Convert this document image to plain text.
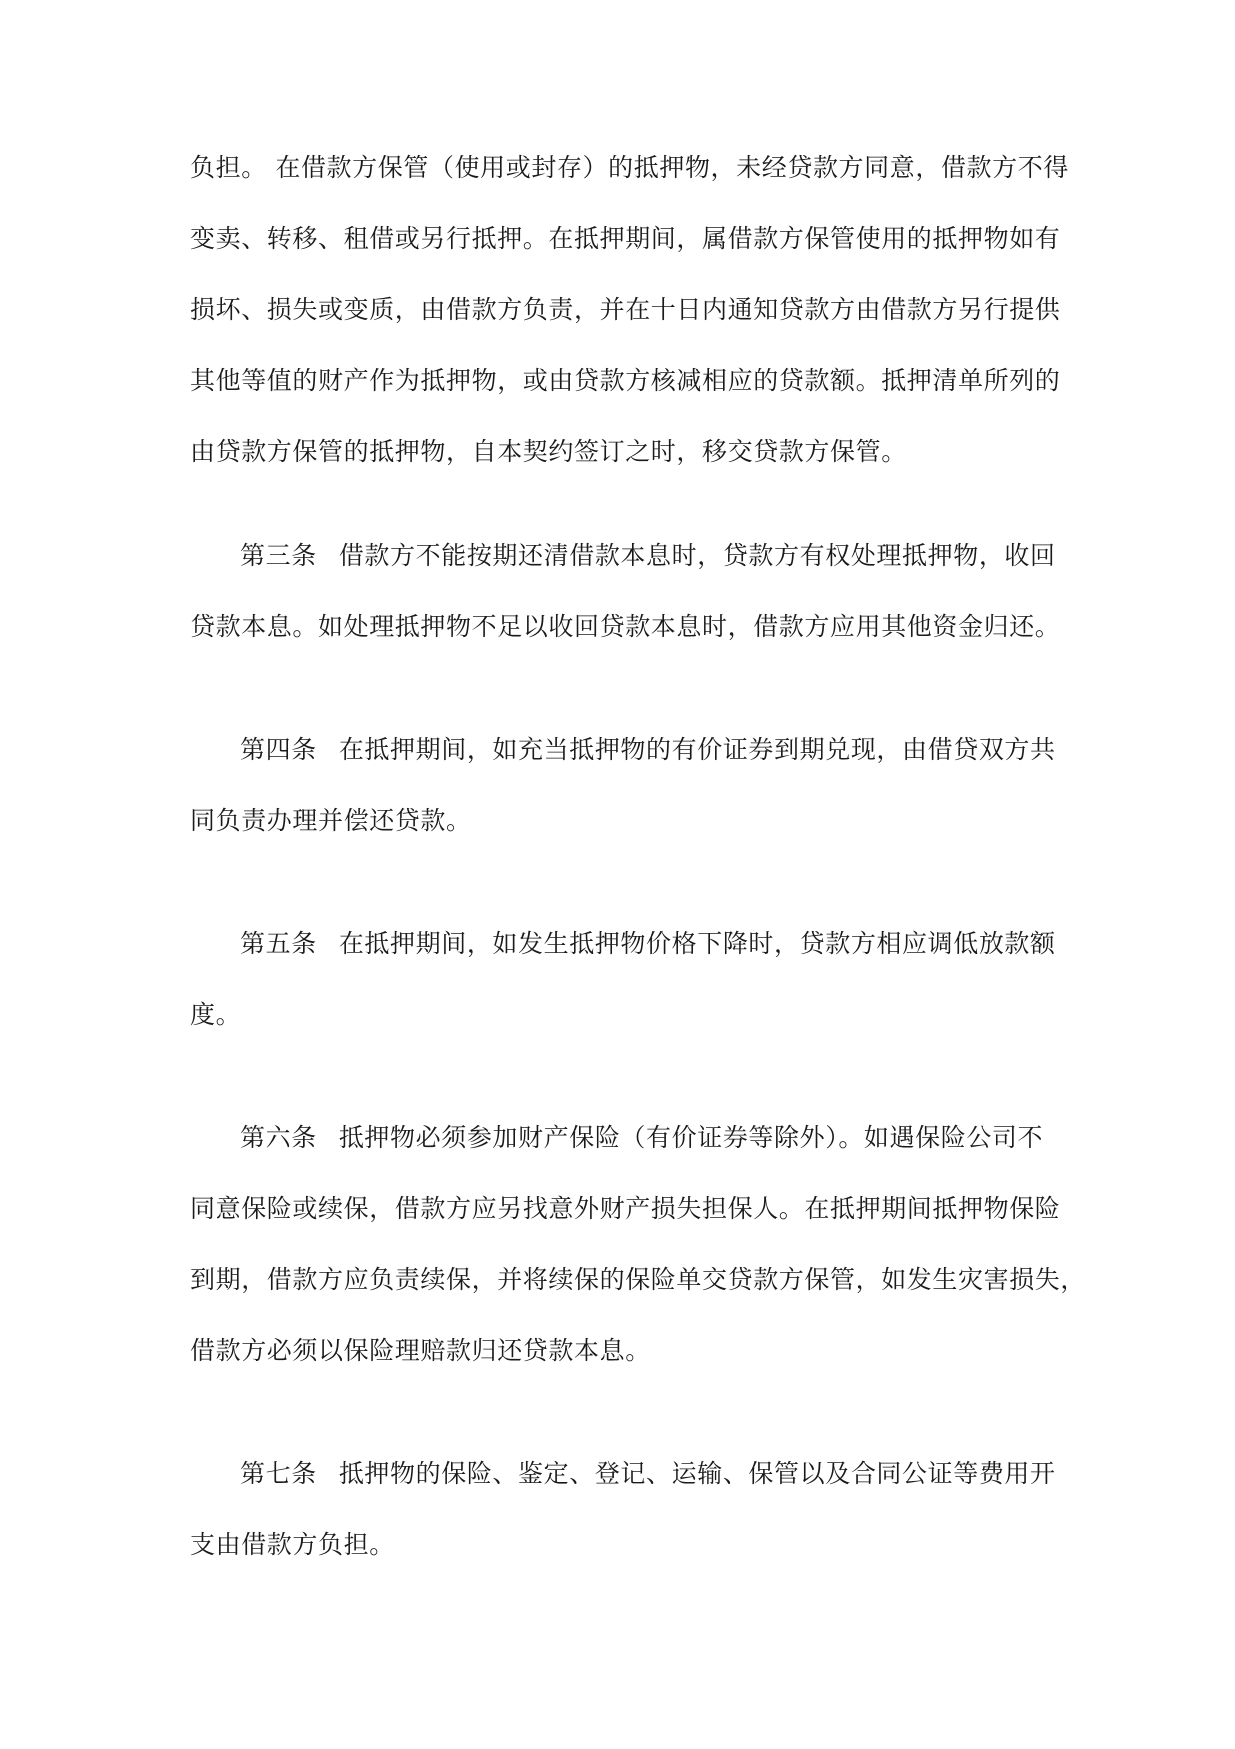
负担。 在借款方保管（使用或封存）的抵押物，未经贷款方同意，借款方不得
变卖、转移、租借或另行抵押。在抵押期间，属借款方保管使用的抵押物如有
损坏、损失或变质，由借款方负责，并在十日内通知贷款方由借款方另行提供
其他等值的财产作为抵押物，或由贷款方核减相应的贷款额。抵押清单所列的
由贷款方保管的抵押物，自本契约签订之时，移交贷款方保管。
第三条 借款方不能按期还清借款本息时，贷款方有权处理抵押物，收回
贷款本息。如处理抵押物不足以收回贷款本息时，借款方应用其他资金归还。
第四条 在抵押期间，如充当抵押物的有价证券到期兑现，由借贷双方共
同负责办理并偿还贷款。
第五条 在抵押期间，如发生抵押物价格下降时，贷款方相应调低放款额
度。
第六条 抵押物必须参加财产保险（有价证券等除外）。如遇保险公司不
同意保险或续保，借款方应另找意外财产损失担保人。在抵押期间抵押物保险
到期，借款方应负责续保，并将续保的保险单交贷款方保管，如发生灾害损失，
借款方必须以保险理赔款归还贷款本息。
第七条 抵押物的保险、鉴定、登记、运输、保管以及合同公证等费用开
支由借款方负担。
